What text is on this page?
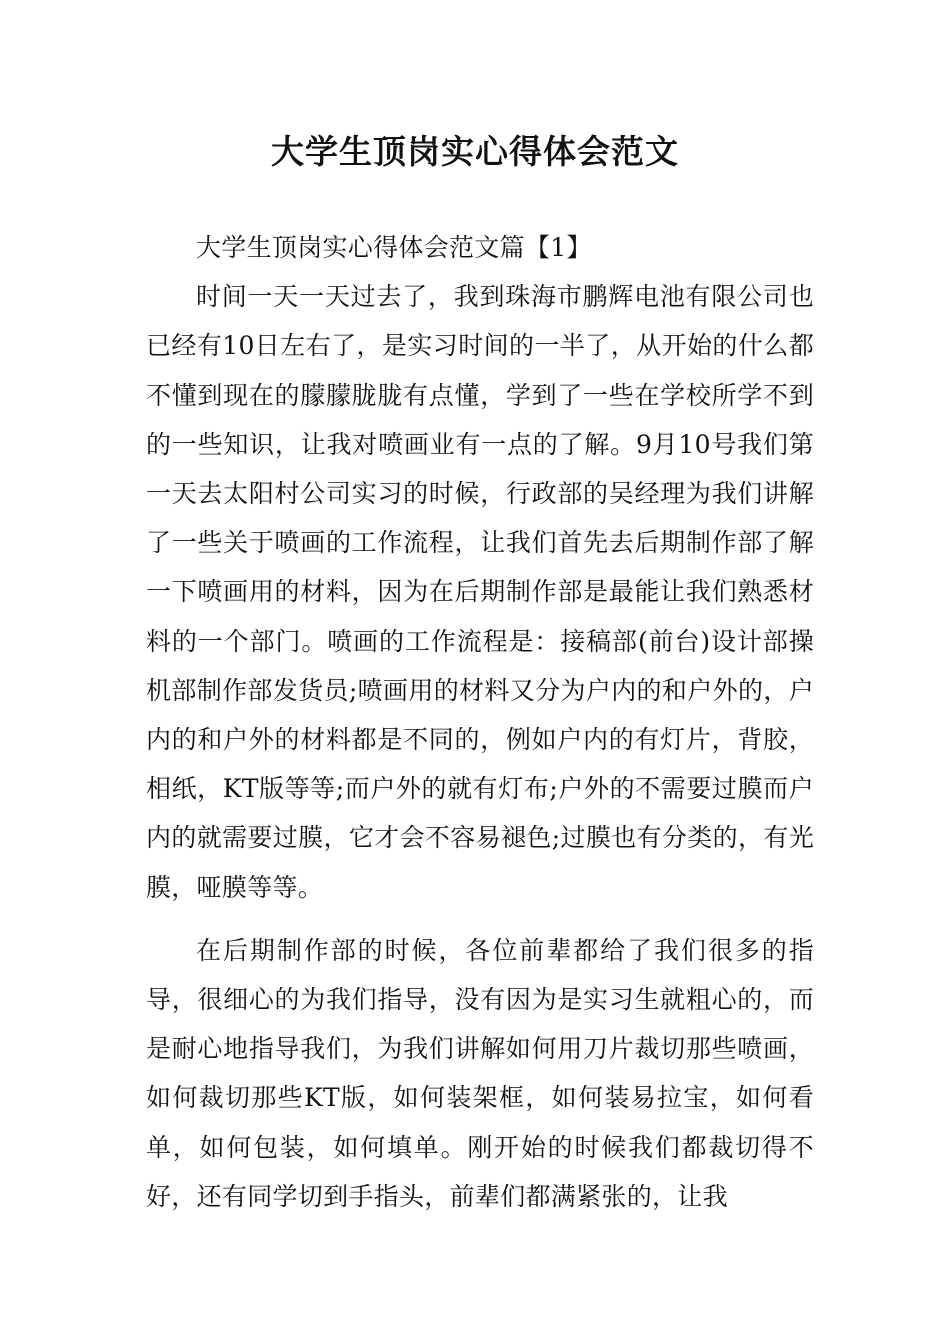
大学生顶岗实心得体会范文

大学生顶岗实心得体会范文篇【1】

时间一天一天过去了，我到珠海市鹏辉电池有限公司也已经有10日左右了，是实习时间的一半了，从开始的什么都不懂到现在的朦朦胧胧有点懂，学到了一些在学校所学不到的一些知识，让我对喷画业有一点的了解。9月10号我们第一天去太阳村公司实习的时候，行政部的吴经理为我们讲解了一些关于喷画的工作流程，让我们首先去后期制作部了解一下喷画用的材料，因为在后期制作部是最能让我们熟悉材料的一个部门。喷画的工作流程是：接稿部(前台)设计部操机部制作部发货员;喷画用的材料又分为户内的和户外的，户内的和户外的材料都是不同的，例如户内的有灯片，背胶，相纸，KT版等等;而户外的就有灯布;户外的不需要过膜而户内的就需要过膜，它才会不容易褪色;过膜也有分类的，有光膜，哑膜等等。

在后期制作部的时候，各位前辈都给了我们很多的指导，很细心的为我们指导，没有因为是实习生就粗心的，而是耐心地指导我们，为我们讲解如何用刀片裁切那些喷画，如何裁切那些KT版，如何装架框，如何装易拉宝，如何看单，如何包装，如何填单。刚开始的时候我们都裁切得不好，还有同学切到手指头，前辈们都满紧张的，让我
